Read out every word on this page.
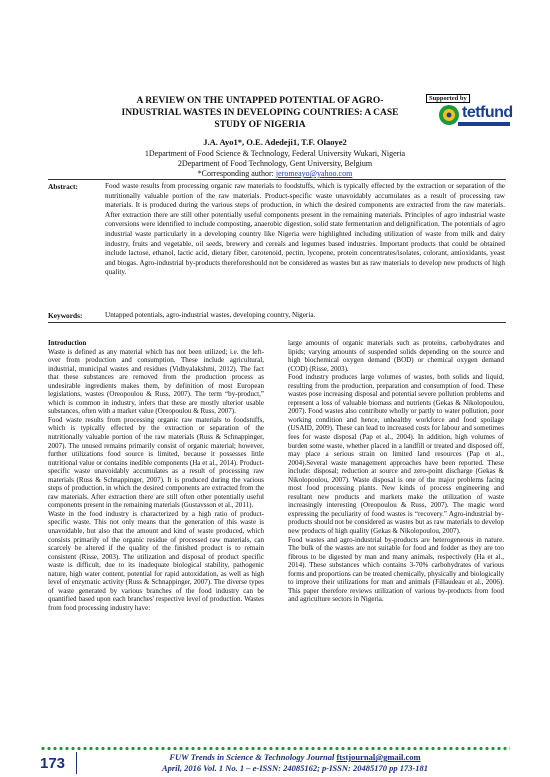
A REVIEW ON THE UNTAPPED POTENTIAL OF AGRO-INDUSTRIAL WASTES IN DEVELOPING COUNTRIES: A CASE STUDY OF NIGERIA
Supported by
tetfund
J.A. Ayo1*, O.E. Adedeji1, T.F. Olaoye2
1Department of Food Science & Technology, Federal University Wukari, Nigeria
2Department of Food Technology, Gent University, Belgium
Abstract:	Food waste results from processing organic raw materials to foodstuffs, which is typically effected by the extraction or separation of the nutritionally valuable portion of the raw materials. Product-specific waste unavoidably accumulates as a result of processing raw materials. It is produced during the various steps of production, in which the desired components are extracted from the raw materials. After extraction there are still other potentially useful components present in the remaining materials. Principles of agro industrial waste conversions were identified to include composting, anaerobic digestion, solid state fermentation and delignification. The potentials of agro industrial waste particularly in a developing country like Nigeria were highlighted including utilization of waste from milk and dairy industry, fruits and vegetable, oil seeds, brewery and cereals and legumes based industries. Important products that could be obtained include lactose, ethanol, lactic acid, dietary fiber, carotenoid, pectin, lycopene, protein concentrates/isolates, colorant, antioxidants, yeast and biogas. Agro-industrial by-products thereforeshould not be considered as wastes but as raw materials to develop new products of high quality.
Keywords:	Untapped potentials, agro-industrial wastes, developing country, Nigeria.

Introduction

Waste is defined as any material which has not been utilized; i.e. the left-over from production and consumption. These include agricultural, industrial, municipal wastes and residues (Vidhyalakshmi, 2012). The fact that these substances are removed from the production process as undesirable ingredients makes them, by definition of most European legislations, wastes (Oreopoulou & Russ, 2007). The term “by-product,” which is common in industry, infers that these are mostly ulterior usable substances, often with a market value (Oreopoulou & Russ, 2007).

Food waste results from processing organic raw materials to foodstuffs, which is typically effected by the extraction or separation of the nutritionally valuable portion of the raw materials (Russ & Schnappinger, 2007). The unused remains primarily consist of organic material; however, further utilizations food source is limited, because it possesses little nutritional value or contains inedible components (Ha et al., 2014). Product-specific waste unavoidably accumulates as a result of processing raw materials (Russ & Schnappinger, 2007). It is produced during the various steps of production, in which the desired components are extracted from the raw materials. After extraction there are still often other potentially useful components present in the remaining materials (Gustavsson et al., 2011).

Waste in the food industry is characterized by a high ratio of product-specific waste. This not only means that the generation of this waste is unavoidable, but also that the amount and kind of waste produced, which consists primarily of the organic residue of processed raw materials, can scarcely be altered if the quality of the finished product is to remain consistent (Risse, 2003). The utilization and disposal of product specific waste is difficult, due to its inadequate biological stability, pathogenic nature, high water content, potential for rapid autoxidation, as well as high level of enzymatic activity (Russ & Schnappinger, 2007). The diverse types of waste generated by various branches of the food industry can be quantified based upon each branches' respective level of production. Wastes from food processing industry have:

large amounts of organic materials such as proteins, carbohydrates and lipids; varying amounts of suspended solids depending on the source and high biochemical oxygen demand (BOD) or chemical oxygen demand (COD) (Risse, 2003).

Food industry produces large volumes of wastes, both solids and liquid, resulting from the production, preparation and consumption of food. These wastes pose increasing disposal and potential severe pollution problems and represent a loss of valuable biomass and nutrients (Gekas & Nikolopoulou, 2007). Food wastes also contribute wholly or partly to water pollution, poor working condition and hence, unhealthy workforce and food spoilage (USAID, 2009). These can lead to increased costs for labour and sometimes fees for waste disposal (Pap et al., 2004). In addition, high volumes of burden some waste, whether placed in a landfill or treated and disposed off, may place a serious strain on limited land resources (Pap et al., 2004).Several waste management approaches have been reported. These include: disposal; reduction at source and zero-point discharge (Gekas & Nikolopoulou, 2007). Waste disposal is one of the major problems facing most food processing plants. New kinds of process engineering and resultant new products and markets make the utilization of waste increasingly interesting (Oreopoulou & Russ, 2007). The magic word expressing the peculiarity of food wastes is “recovery.” Agro-industrial by-products should not be considered as wastes but as raw materials to develop new products of high quality (Gekas & Nikolopoulou, 2007).

Food wastes and agro-industrial by-products are heterogeneous in nature. The bulk of the wastes are not suitable for food and fodder as they are too fibrous to be digested by man and many animals, respectively (Ha et al., 2014). These substances which contains 3-70% carbohydrates of various forms and proportions can be treated chemically, physically and biologically to improve their utilizations for man and animals (Fillaudeau et al., 2006). This paper therefore reviews utilization of various by-products from food and agriculture sectors in Nigeria.

173	FUW Trends in Science & Technology Journal ftstjournal@gmail.com
April, 2016 Vol. 1 No. 1 – e-ISSN: 24085162; p-ISSN: 20485170 pp 173-181
*Corresponding author: jeromeayo@yahoo.com
